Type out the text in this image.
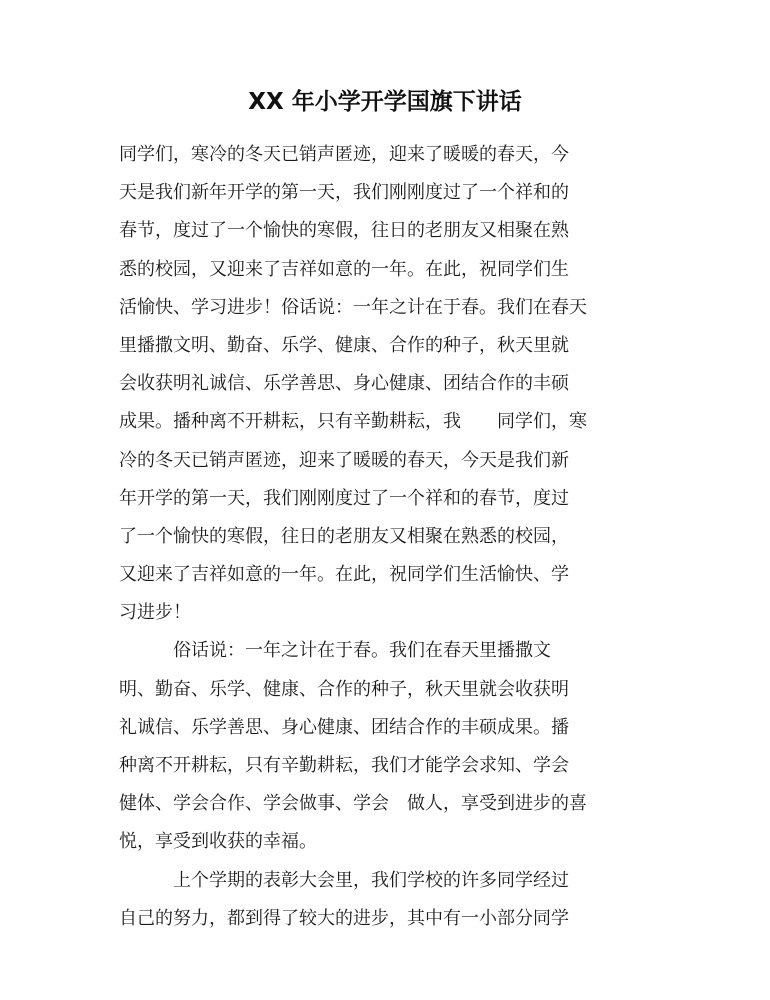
XX 年小学开学国旗下讲话
同学们，寒冷的冬天已销声匿迹，迎来了暖暖的春天，今
天是我们新年开学的第一天，我们刚刚度过了一个祥和的
春节，度过了一个愉快的寒假，往日的老朋友又相聚在熟
悉的校园，又迎来了吉祥如意的一年。在此，祝同学们生
活愉快、学习进步！俗话说：一年之计在于春。我们在春天
里播撒文明、勤奋、乐学、健康、合作的种子，秋天里就
会收获明礼诚信、乐学善思、身心健康、团结合作的丰硕
成果。播种离不开耕耘，只有辛勤耕耘，我　　同学们，寒
冷的冬天已销声匿迹，迎来了暖暖的春天，今天是我们新
年开学的第一天，我们刚刚度过了一个祥和的春节，度过
了一个愉快的寒假，往日的老朋友又相聚在熟悉的校园，
又迎来了吉祥如意的一年。在此，祝同学们生活愉快、学
习进步！
　　　俗话说：一年之计在于春。我们在春天里播撒文
明、勤奋、乐学、健康、合作的种子，秋天里就会收获明
礼诚信、乐学善思、身心健康、团结合作的丰硕成果。播
种离不开耕耘，只有辛勤耕耘，我们才能学会求知、学会
健体、学会合作、学会做事、学会　做人，享受到进步的喜
悦，享受到收获的幸福。
　　　上个学期的表彰大会里，我们学校的许多同学经过
自己的努力，都到得了较大的进步，其中有一小部分同学
